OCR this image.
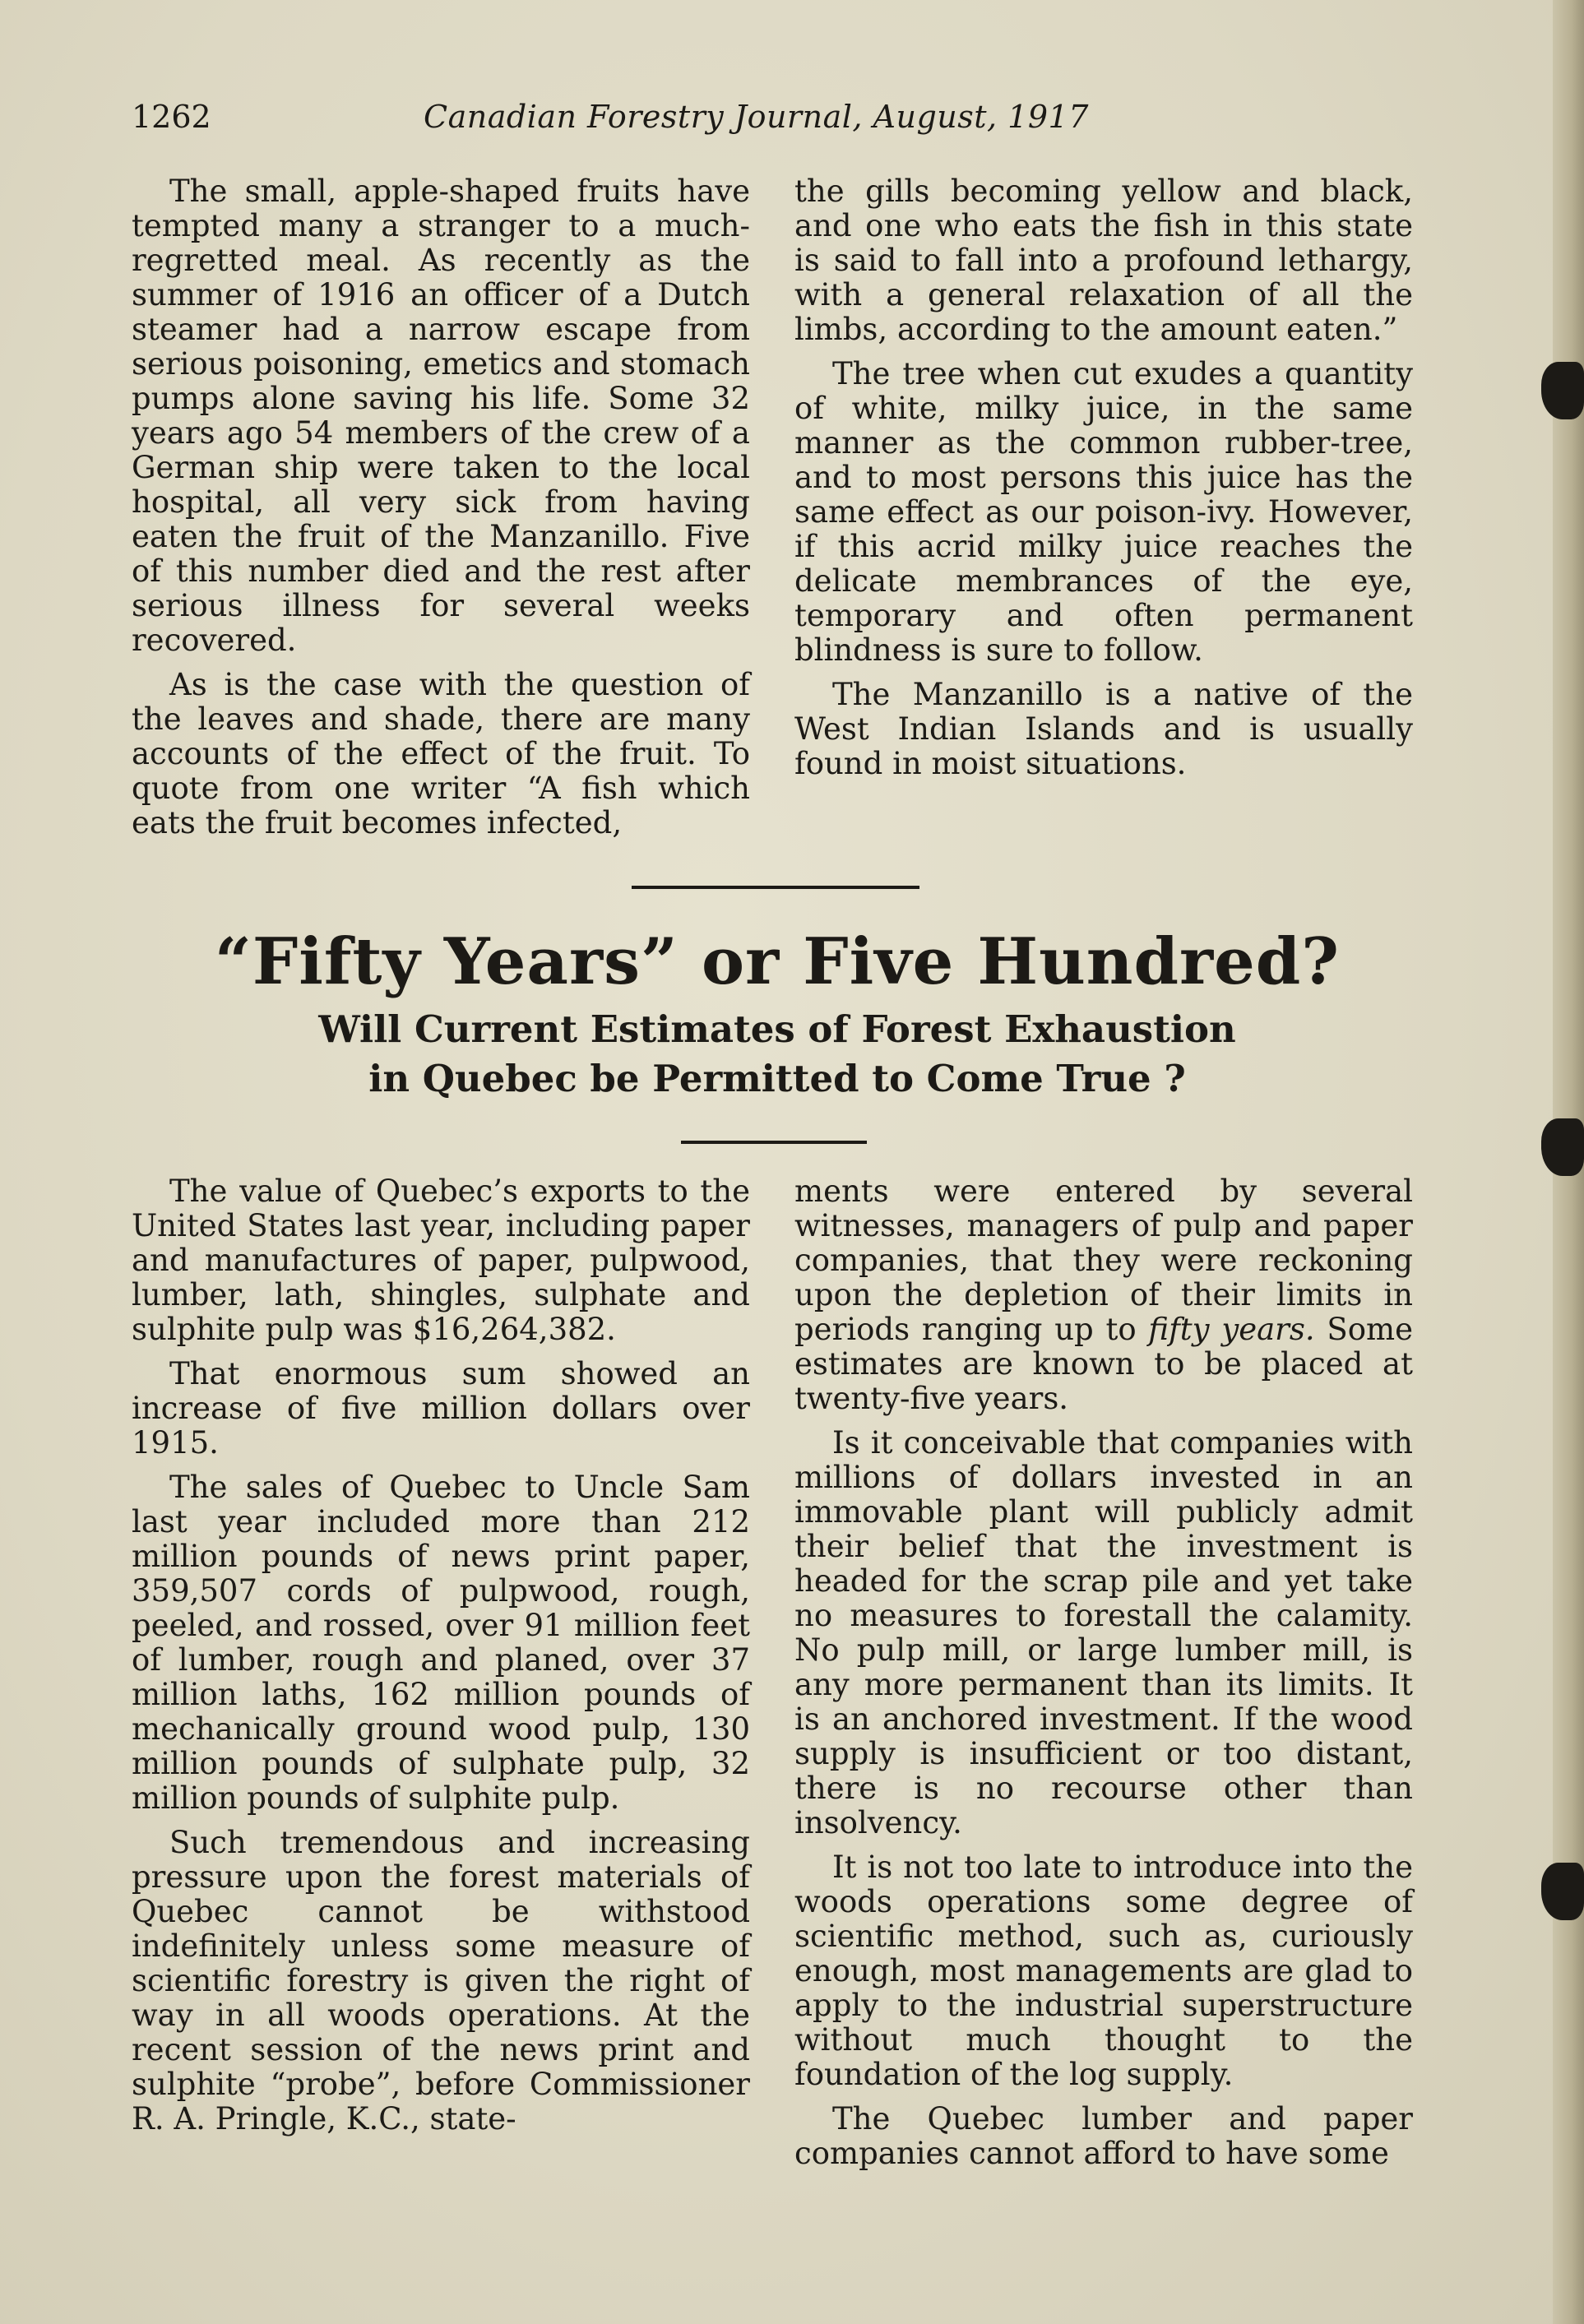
1262	Canadian Forestry Journal, August, 1917

The small, apple-shaped fruits have tempted many a stranger to a much-regretted meal. As recently as the summer of 1916 an officer of a Dutch steamer had a narrow escape from serious poisoning, emetics and stomach pumps alone saving his life. Some 32 years ago 54 members of the crew of a German ship were taken to the local hospital, all very sick from having eaten the fruit of the Manzanillo. Five of this number died and the rest after serious illness for several weeks recovered.

As is the case with the question of the leaves and shade, there are many accounts of the effect of the fruit. To quote from one writer “A fish which eats the fruit becomes infected,

the gills becoming yellow and black, and one who eats the fish in this state is said to fall into a profound lethargy, with a general relaxation of all the limbs, according to the amount eaten.”

The tree when cut exudes a quantity of white, milky juice, in the same manner as the common rubber-tree, and to most persons this juice has the same effect as our poison-ivy. However, if this acrid milky juice reaches the delicate membrances of the eye, temporary and often permanent blindness is sure to follow.

The Manzanillo is a native of the West Indian Islands and is usually found in moist situations.

“Fifty Years” or Five Hundred?
Will Current Estimates of Forest Exhaustion
in Quebec be Permitted to Come True ?

The value of Quebec’s exports to the United States last year, including paper and manufactures of paper, pulpwood, lumber, lath, shingles, sulphate and sulphite pulp was $16,264,382.

That enormous sum showed an increase of five million dollars over 1915.

The sales of Quebec to Uncle Sam last year included more than 212 million pounds of news print paper, 359,507 cords of pulpwood, rough, peeled, and rossed, over 91 million feet of lumber, rough and planed, over 37 million laths, 162 million pounds of mechanically ground wood pulp, 130 million pounds of sulphate pulp, 32 million pounds of sulphite pulp.

Such tremendous and increasing pressure upon the forest materials of Quebec cannot be withstood indefinitely unless some measure of scientific forestry is given the right of way in all woods operations. At the recent session of the news print and sulphite “probe”, before Commissioner R. A. Pringle, K.C., state-

ments were entered by several witnesses, managers of pulp and paper companies, that they were reckoning upon the depletion of their limits in periods ranging up to fifty years. Some estimates are known to be placed at twenty-five years.

Is it conceivable that companies with millions of dollars invested in an immovable plant will publicly admit their belief that the investment is headed for the scrap pile and yet take no measures to forestall the calamity. No pulp mill, or large lumber mill, is any more permanent than its limits. It is an anchored investment. If the wood supply is insufficient or too distant, there is no recourse other than insolvency.

It is not too late to introduce into the woods operations some degree of scientific method, such as, curiously enough, most managements are glad to apply to the industrial superstructure without much thought to the foundation of the log supply.

The Quebec lumber and paper companies cannot afford to have some
